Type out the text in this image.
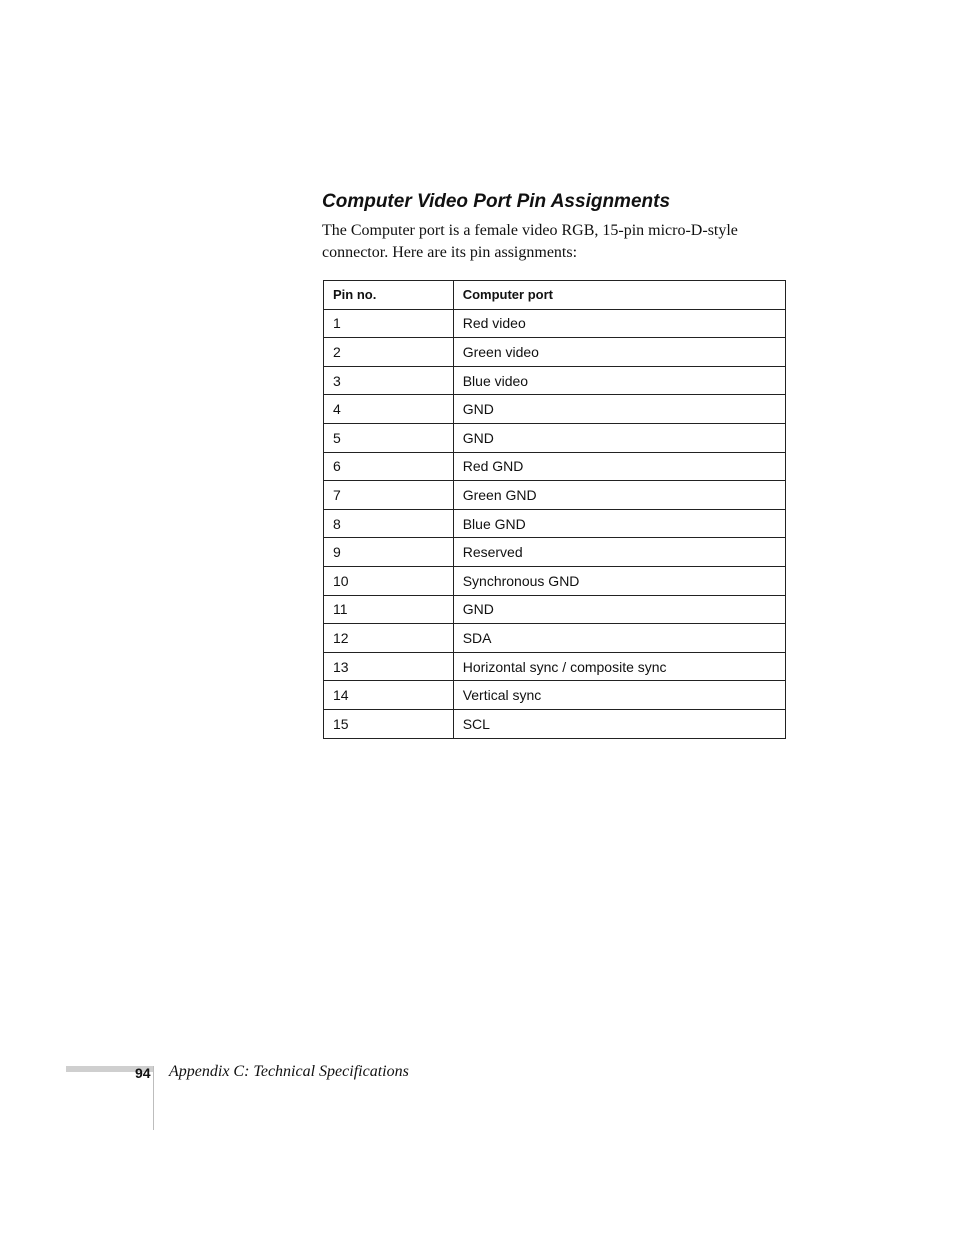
Computer Video Port Pin Assignments

The Computer port is a female video RGB, 15-pin micro-D-style connector. Here are its pin assignments:

Pin no.	Computer port
1	Red video
2	Green video
3	Blue video
4	GND
5	GND
6	Red GND
7	Green GND
8	Blue GND
9	Reserved
10	Synchronous GND
11	GND
12	SDA
13	Horizontal sync / composite sync
14	Vertical sync
15	SCL
94 Appendix C: Technical Specifications
